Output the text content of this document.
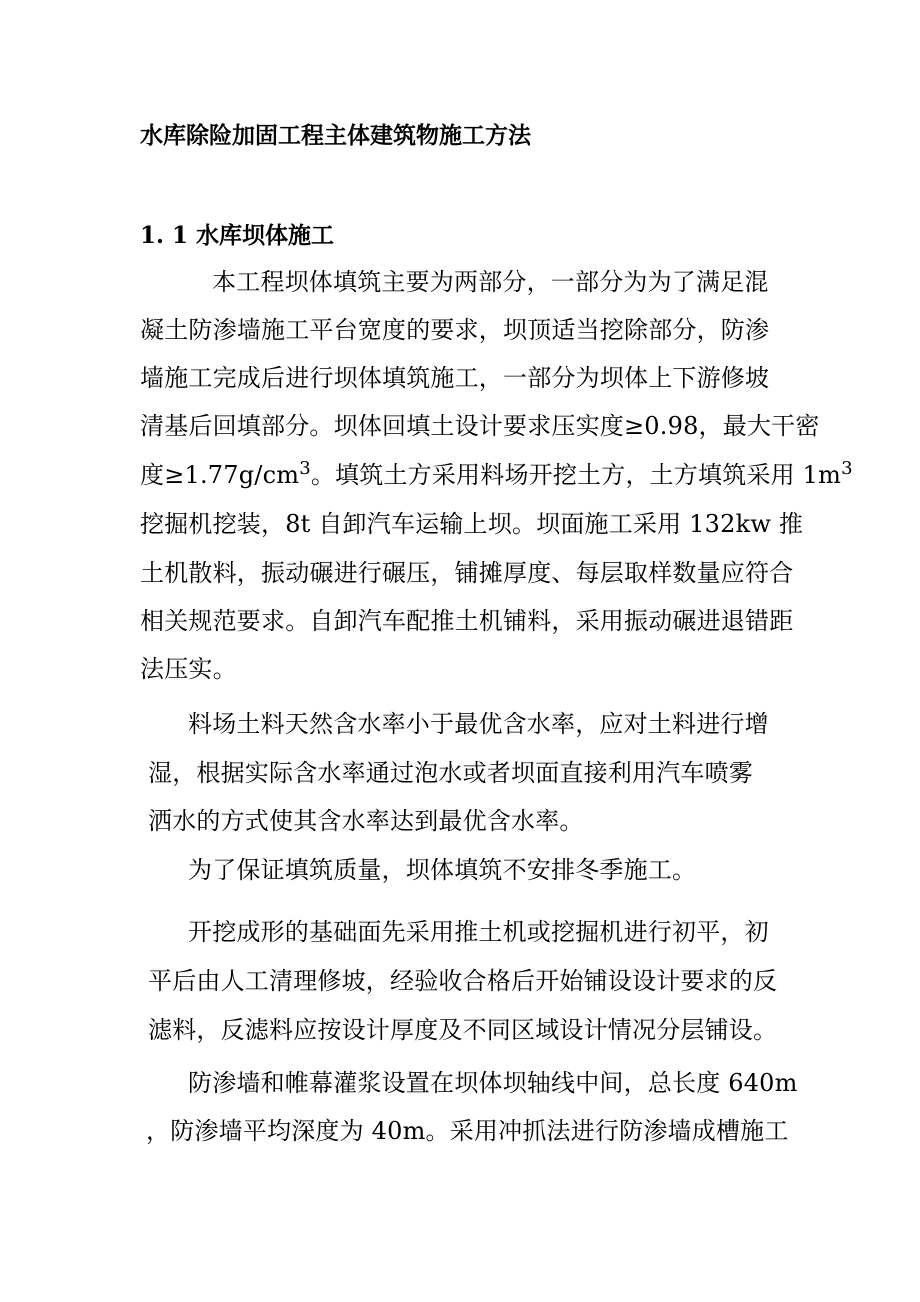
水库除险加固工程主体建筑物施工方法
1. 1 水库坝体施工
本工程坝体填筑主要为两部分，一部分为为了满足混
凝土防渗墙施工平台宽度的要求，坝顶适当挖除部分，防渗
墙施工完成后进行坝体填筑施工，一部分为坝体上下游修坡
清基后回填部分。坝体回填土设计要求压实度≥0.98，最大干密
度$\ge 1.77g/cm^3$。填筑土方采用料场开挖土方，土方填筑采用 $1m^3$
挖掘机挖装，8t 自卸汽车运输上坝。坝面施工采用 132kw 推
土机散料，振动碾进行碾压，铺摊厚度、每层取样数量应符合
相关规范要求。自卸汽车配推土机铺料，采用振动碾进退错距
法压实。
料场土料天然含水率小于最优含水率，应对土料进行增
湿，根据实际含水率通过泡水或者坝面直接利用汽车喷雾
洒水的方式使其含水率达到最优含水率。
为了保证填筑质量，坝体填筑不安排冬季施工。
开挖成形的基础面先采用推土机或挖掘机进行初平，初
平后由人工清理修坡，经验收合格后开始铺设设计要求的反
滤料，反滤料应按设计厚度及不同区域设计情况分层铺设。
防渗墙和帷幕灌浆设置在坝体坝轴线中间，总长度 640m
，防渗墙平均深度为 40m。采用冲抓法进行防渗墙成槽施工
